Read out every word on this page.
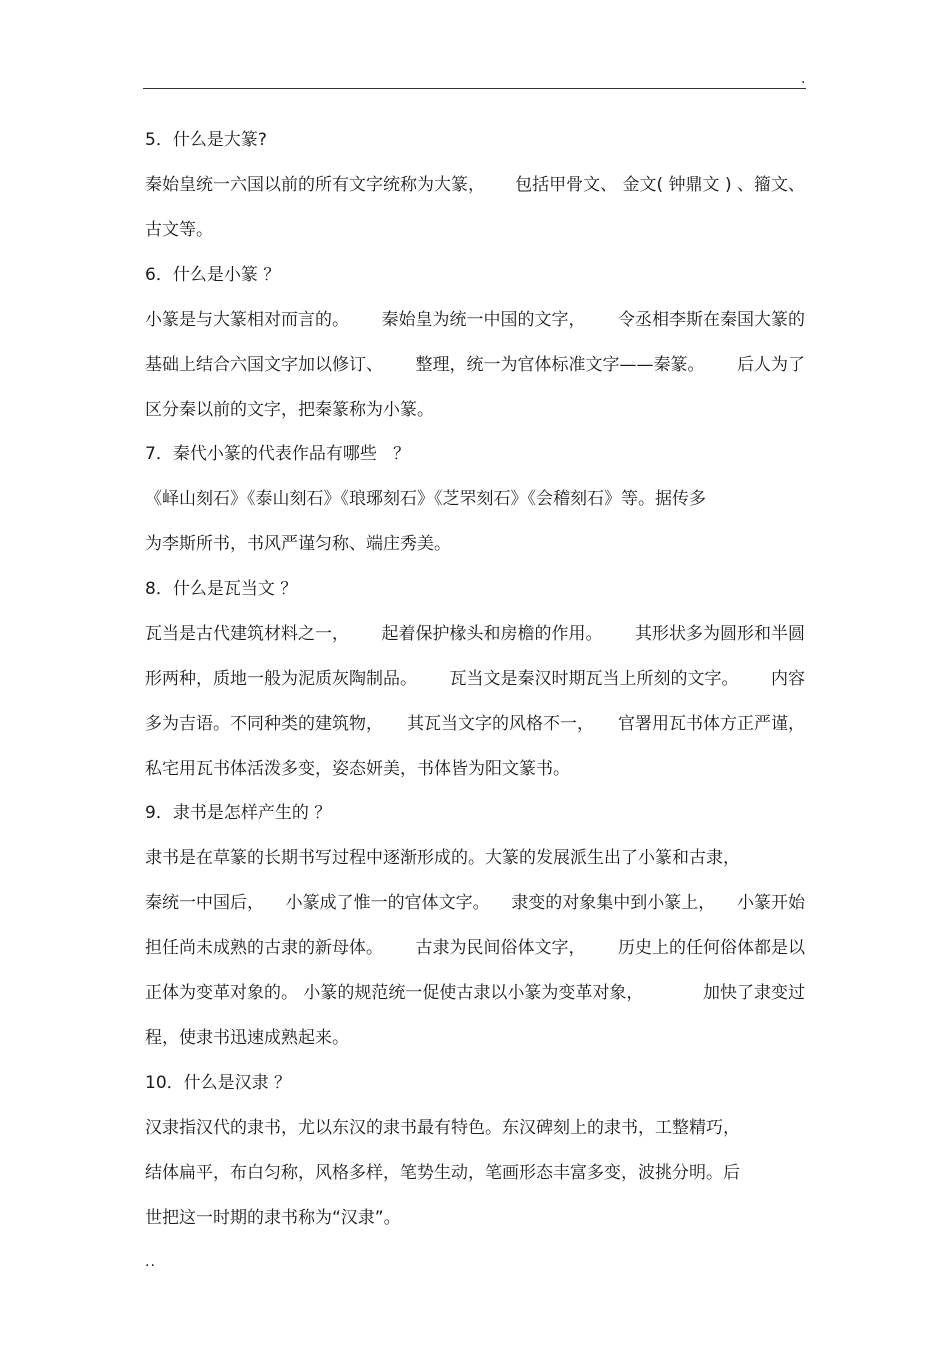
.
5．什么是大篆?
秦始皇统一六国以前的所有文字统称为大篆， 包括甲骨文、 金文( 钟鼎文 ) 、籀文、
古文等。
6．什么是小篆 ？
小篆是与大篆相对而言的。 秦始皇为统一中国的文字， 令丞相李斯在秦国大篆的
基础上结合六国文字加以修订、 整理，统一为官体标准文字——秦篆。 后人为了
区分秦以前的文字，把秦篆称为小篆。
7．秦代小篆的代表作品有哪些   ？
《峄山刻石》《泰山刻石》《琅琊刻石》《芝罘刻石》《会稽刻石》等。据传多
为李斯所书，书风严谨匀称、端庄秀美。
8．什么是瓦当文 ？
瓦当是古代建筑材料之一， 起着保护椽头和房檐的作用。 其形状多为圆形和半圆
形两种，质地一般为泥质灰陶制品。 瓦当文是秦汉时期瓦当上所刻的文字。 内容
多为吉语。不同种类的建筑物， 其瓦当文字的风格不一， 官署用瓦书体方正严谨，
私宅用瓦书体活泼多变，姿态妍美，书体皆为阳文篆书。
9．隶书是怎样产生的 ？
隶书是在草篆的长期书写过程中逐渐形成的。大篆的发展派生出了小篆和古隶，
秦统一中国后， 小篆成了惟一的官体文字。 隶变的对象集中到小篆上， 小篆开始
担任尚未成熟的古隶的新母体。 古隶为民间俗体文字， 历史上的任何俗体都是以
正体为变革对象的。 小篆的规范统一促使古隶以小篆为变革对象，	加快了隶变过
程，使隶书迅速成熟起来。
10．什么是汉隶 ？
汉隶指汉代的隶书，尤以东汉的隶书最有特色。东汉碑刻上的隶书，工整精巧，
结体扁平，布白匀称，风格多样，笔势生动，笔画形态丰富多变，波挑分明。后
世把这一时期的隶书称为“汉隶”。
..
